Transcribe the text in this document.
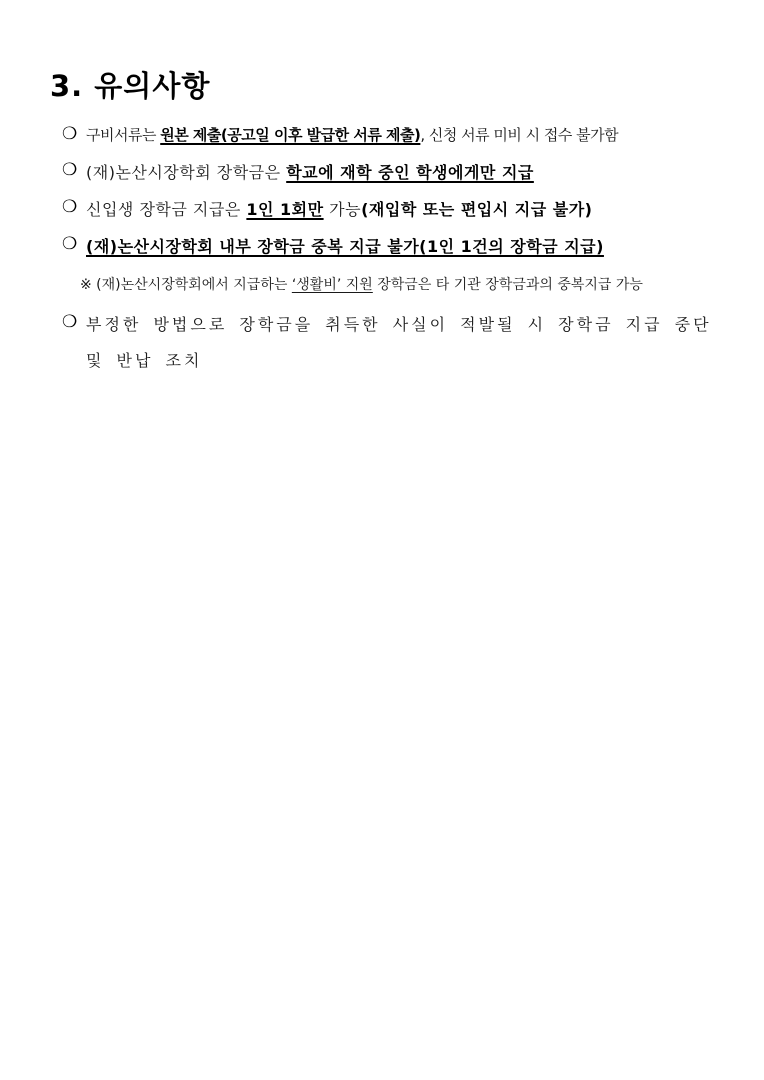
3. 유의사항
❍ 구비서류는 원본 제출(공고일 이후 발급한 서류 제출), 신청 서류 미비 시 접수 불가함
❍ (재)논산시장학회 장학금은 학교에 재학 중인 학생에게만 지급
❍ 신입생 장학금 지급은 1인 1회만 가능(재입학 또는 편입시 지급 불가)
❍ (재)논산시장학회 내부 장학금 중복 지급 불가(1인 1건의 장학금 지급)
※ (재)논산시장학회에서 지급하는 ‘생활비’ 지원 장학금은 타 기관 장학금과의 중복지급 가능
❍ 부정한 방법으로 장학금을 취득한 사실이 적발될 시 장학금 지급 중단
및 반납 조치
